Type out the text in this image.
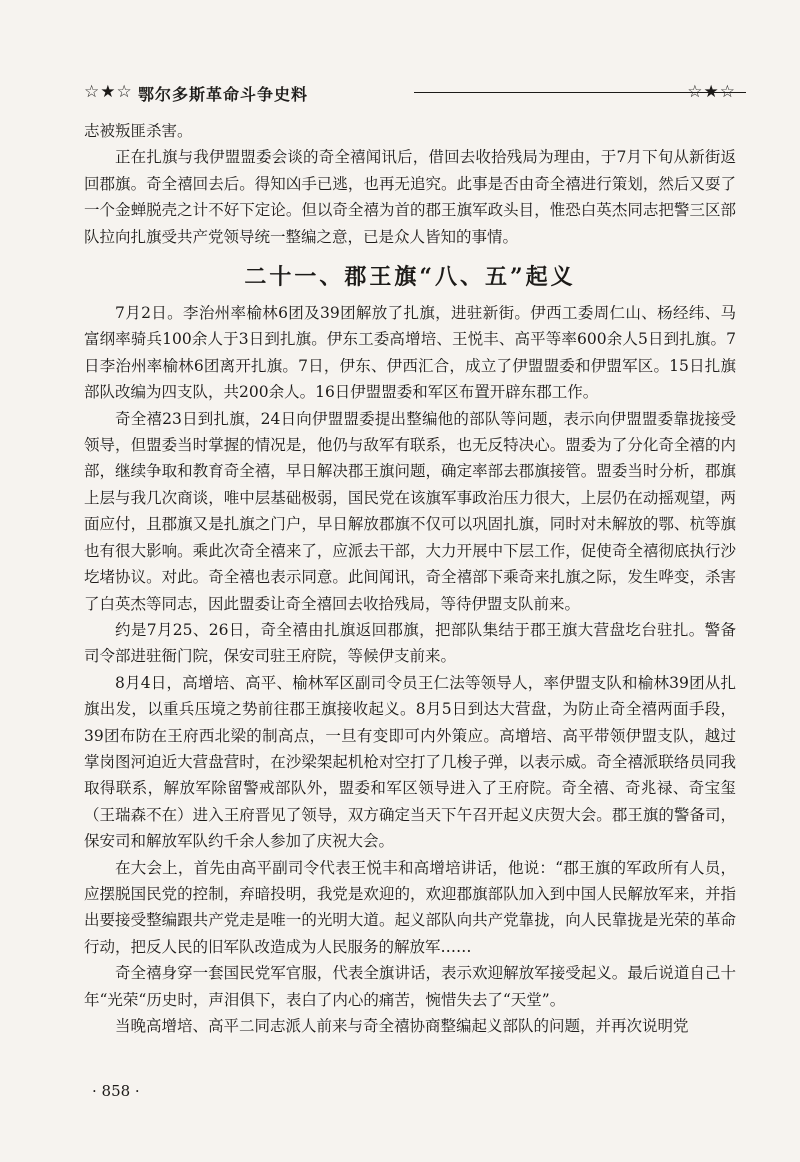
☆★☆ 鄂尔多斯革命斗争史料	☆★☆

志被叛匪杀害。

正在扎旗与我伊盟盟委会谈的奇全禧闻讯后，借回去收拾残局为理由，于7月下旬从新街返回郡旗。奇全禧回去后。得知凶手已逃，也再无追究。此事是否由奇全禧进行策划，然后又耍了一个金蝉脱壳之计不好下定论。但以奇全禧为首的郡王旗军政头目，惟恐白英杰同志把警三区部队拉向扎旗受共产党领导统一整编之意，已是众人皆知的事情。

二十一、郡王旗“八、五”起义

7月2日。李治州率榆林6团及39团解放了扎旗，进驻新街。伊西工委周仁山、杨经纬、马富纲率骑兵100余人于3日到扎旗。伊东工委高增培、王悦丰、高平等率600余人5日到扎旗。7日李治州率榆林6团离开扎旗。7日，伊东、伊西汇合，成立了伊盟盟委和伊盟军区。15日扎旗部队改编为四支队，共200余人。16日伊盟盟委和军区布置开辟东郡工作。

奇全禧23日到扎旗，24日向伊盟盟委提出整编他的部队等问题，表示向伊盟盟委靠拢接受领导，但盟委当时掌握的情况是，他仍与敌军有联系，也无反特决心。盟委为了分化奇全禧的内部，继续争取和教育奇全禧，早日解决郡王旗问题，确定率部去郡旗接管。盟委当时分析，郡旗上层与我几次商谈，唯中层基础极弱，国民党在该旗军事政治压力很大，上层仍在动摇观望，两面应付，且郡旗又是扎旗之门户，早日解放郡旗不仅可以巩固扎旗，同时对未解放的鄂、杭等旗也有很大影响。乘此次奇全禧来了，应派去干部，大力开展中下层工作，促使奇全禧彻底执行沙圪堵协议。对此。奇全禧也表示同意。此间闻讯，奇全禧部下乘奇来扎旗之际，发生哗变，杀害了白英杰等同志，因此盟委让奇全禧回去收拾残局，等待伊盟支队前来。

约是7月25、26日，奇全禧由扎旗返回郡旗，把部队集结于郡王旗大营盘圪台驻扎。警备司令部进驻衙门院，保安司驻王府院，等候伊支前来。

8月4日，高增培、高平、榆林军区副司令员王仁法等领导人，率伊盟支队和榆林39团从扎旗出发，以重兵压境之势前往郡王旗接收起义。8月5日到达大营盘，为防止奇全禧两面手段，39团布防在王府西北梁的制高点，一旦有变即可内外策应。高增培、高平带领伊盟支队，越过掌岗图河迫近大营盘营时，在沙梁架起机枪对空打了几梭子弹，以表示威。奇全禧派联络员同我取得联系，解放军除留警戒部队外，盟委和军区领导进入了王府院。奇全禧、奇兆禄、奇宝玺（王瑞森不在）进入王府晋见了领导，双方确定当天下午召开起义庆贺大会。郡王旗的警备司，保安司和解放军队约千余人参加了庆祝大会。

在大会上，首先由高平副司令代表王悦丰和高增培讲话，他说：“郡王旗的军政所有人员，应摆脱国民党的控制，弃暗投明，我党是欢迎的，欢迎郡旗部队加入到中国人民解放军来，并指出要接受整编跟共产党走是唯一的光明大道。起义部队向共产党靠拢，向人民靠拢是光荣的革命行动，把反人民的旧军队改造成为人民服务的解放军……

奇全禧身穿一套国民党军官服，代表全旗讲话，表示欢迎解放军接受起义。最后说道自己十年“光荣“历史时，声泪俱下，表白了内心的痛苦，惋惜失去了“天堂”。

当晚高增培、高平二同志派人前来与奇全禧协商整编起义部队的问题，并再次说明党

· 858 ·
